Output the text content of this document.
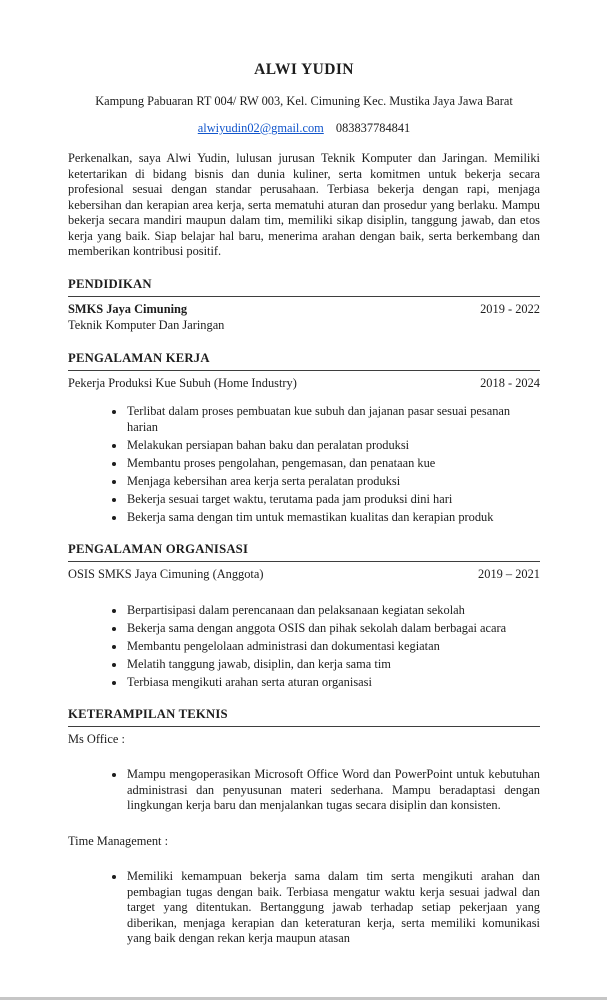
ALWI YUDIN

Kampung Pabuaran RT 004/ RW 003, Kel. Cimuning Kec. Mustika Jaya Jawa Barat

alwiyudin02@gmail.com 083837784841

Perkenalkan, saya Alwi Yudin, lulusan jurusan Teknik Komputer dan Jaringan. Memiliki ketertarikan di bidang bisnis dan dunia kuliner, serta komitmen untuk bekerja secara profesional sesuai dengan standar perusahaan. Terbiasa bekerja dengan rapi, menjaga kebersihan dan kerapian area kerja, serta mematuhi aturan dan prosedur yang berlaku. Mampu bekerja secara mandiri maupun dalam tim, memiliki sikap disiplin, tanggung jawab, dan etos kerja yang baik. Siap belajar hal baru, menerima arahan dengan baik, serta berkembang dan memberikan kontribusi positif.

PENDIDIKAN
SMKS Jaya Cimuning	2019 - 2022

Teknik Komputer Dan Jaringan

PENGALAMAN KERJA
Pekerja Produksi Kue Subuh (Home Industry)	2018 - 2024
• Terlibat dalam proses pembuatan kue subuh dan jajanan pasar sesuai pesanan harian
• Melakukan persiapan bahan baku dan peralatan produksi
• Membantu proses pengolahan, pengemasan, dan penataan kue
• Menjaga kebersihan area kerja serta peralatan produksi
• Bekerja sesuai target waktu, terutama pada jam produksi dini hari
• Bekerja sama dengan tim untuk memastikan kualitas dan kerapian produk
PENGALAMAN ORGANISASI
OSIS SMKS Jaya Cimuning (Anggota)	2019 – 2021
• Berpartisipasi dalam perencanaan dan pelaksanaan kegiatan sekolah
• Bekerja sama dengan anggota OSIS dan pihak sekolah dalam berbagai acara
• Membantu pengelolaan administrasi dan dokumentasi kegiatan
• Melatih tanggung jawab, disiplin, dan kerja sama tim
• Terbiasa mengikuti arahan serta aturan organisasi
KETERAMPILAN TEKNIS

Ms Office :

• Mampu mengoperasikan Microsoft Office Word dan PowerPoint untuk kebutuhan administrasi dan penyusunan materi sederhana. Mampu beradaptasi dengan lingkungan kerja baru dan menjalankan tugas secara disiplin dan konsisten.

Time Management :

• Memiliki kemampuan bekerja sama dalam tim serta mengikuti arahan dan pembagian tugas dengan baik. Terbiasa mengatur waktu kerja sesuai jadwal dan target yang ditentukan. Bertanggung jawab terhadap setiap pekerjaan yang diberikan, menjaga kerapian dan keteraturan kerja, serta memiliki komunikasi yang baik dengan rekan kerja maupun atasan
